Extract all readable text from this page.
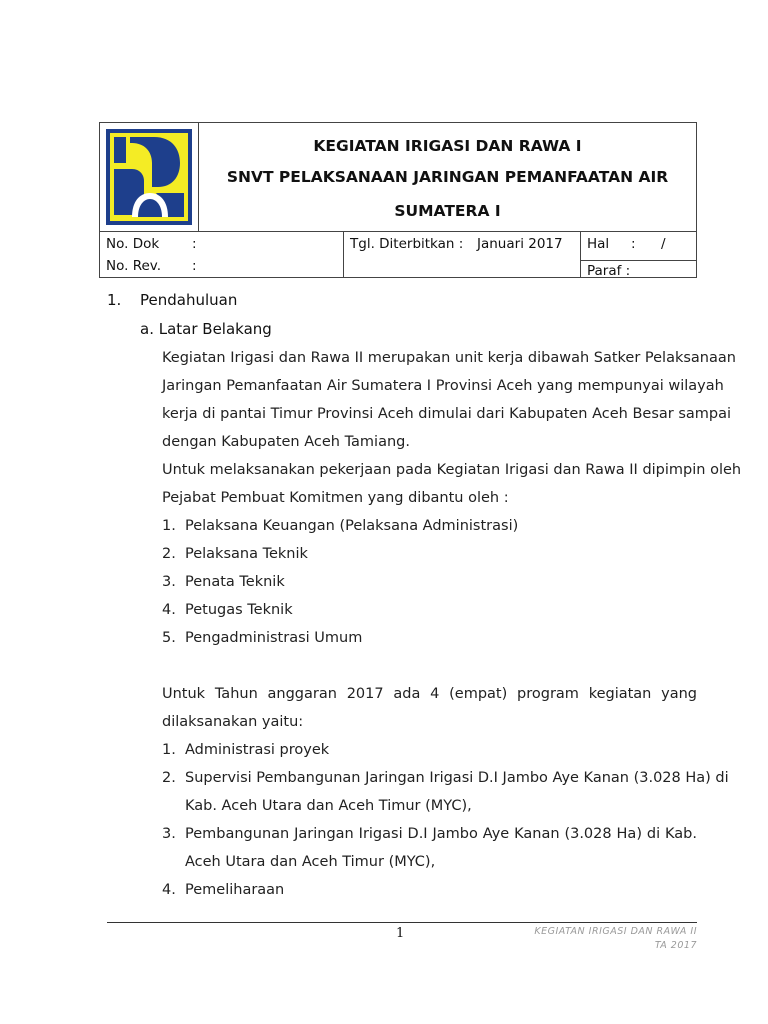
KEGIATAN IRIGASI DAN RAWA I
SNVT PELAKSANAAN JARINGAN PEMANFAATAN AIR
SUMATERA I
No. Dok :
No. Rev. :
Tgl. Diterbitkan : Januari 2017 Hal : /
Paraf :
1. Pendahuluan
a. Latar Belakang
Kegiatan Irigasi dan Rawa II merupakan unit kerja dibawah Satker Pelaksanaan
Jaringan Pemanfaatan Air Sumatera I Provinsi Aceh yang mempunyai wilayah
kerja di pantai Timur Provinsi Aceh dimulai dari Kabupaten Aceh Besar sampai
dengan Kabupaten Aceh Tamiang.
Untuk melaksanakan pekerjaan pada Kegiatan Irigasi dan Rawa II dipimpin oleh
Pejabat Pembuat Komitmen yang dibantu oleh :
1. Pelaksana Keuangan (Pelaksana Administrasi)
2. Pelaksana Teknik
3. Penata Teknik
4. Petugas Teknik
5. Pengadministrasi Umum
Untuk Tahun anggaran 2017 ada 4 (empat) program kegiatan yang
dilaksanakan yaitu:
1. Administrasi proyek
2. Supervisi Pembangunan Jaringan Irigasi D.I Jambo Aye Kanan (3.028 Ha) di
Kab. Aceh Utara dan Aceh Timur (MYC),
3. Pembangunan Jaringan Irigasi D.I Jambo Aye Kanan (3.028 Ha) di Kab.
Aceh Utara dan Aceh Timur (MYC),
4. Pemeliharaan
1	KEGIATAN IRIGASI DAN RAWA II
TA 2017
